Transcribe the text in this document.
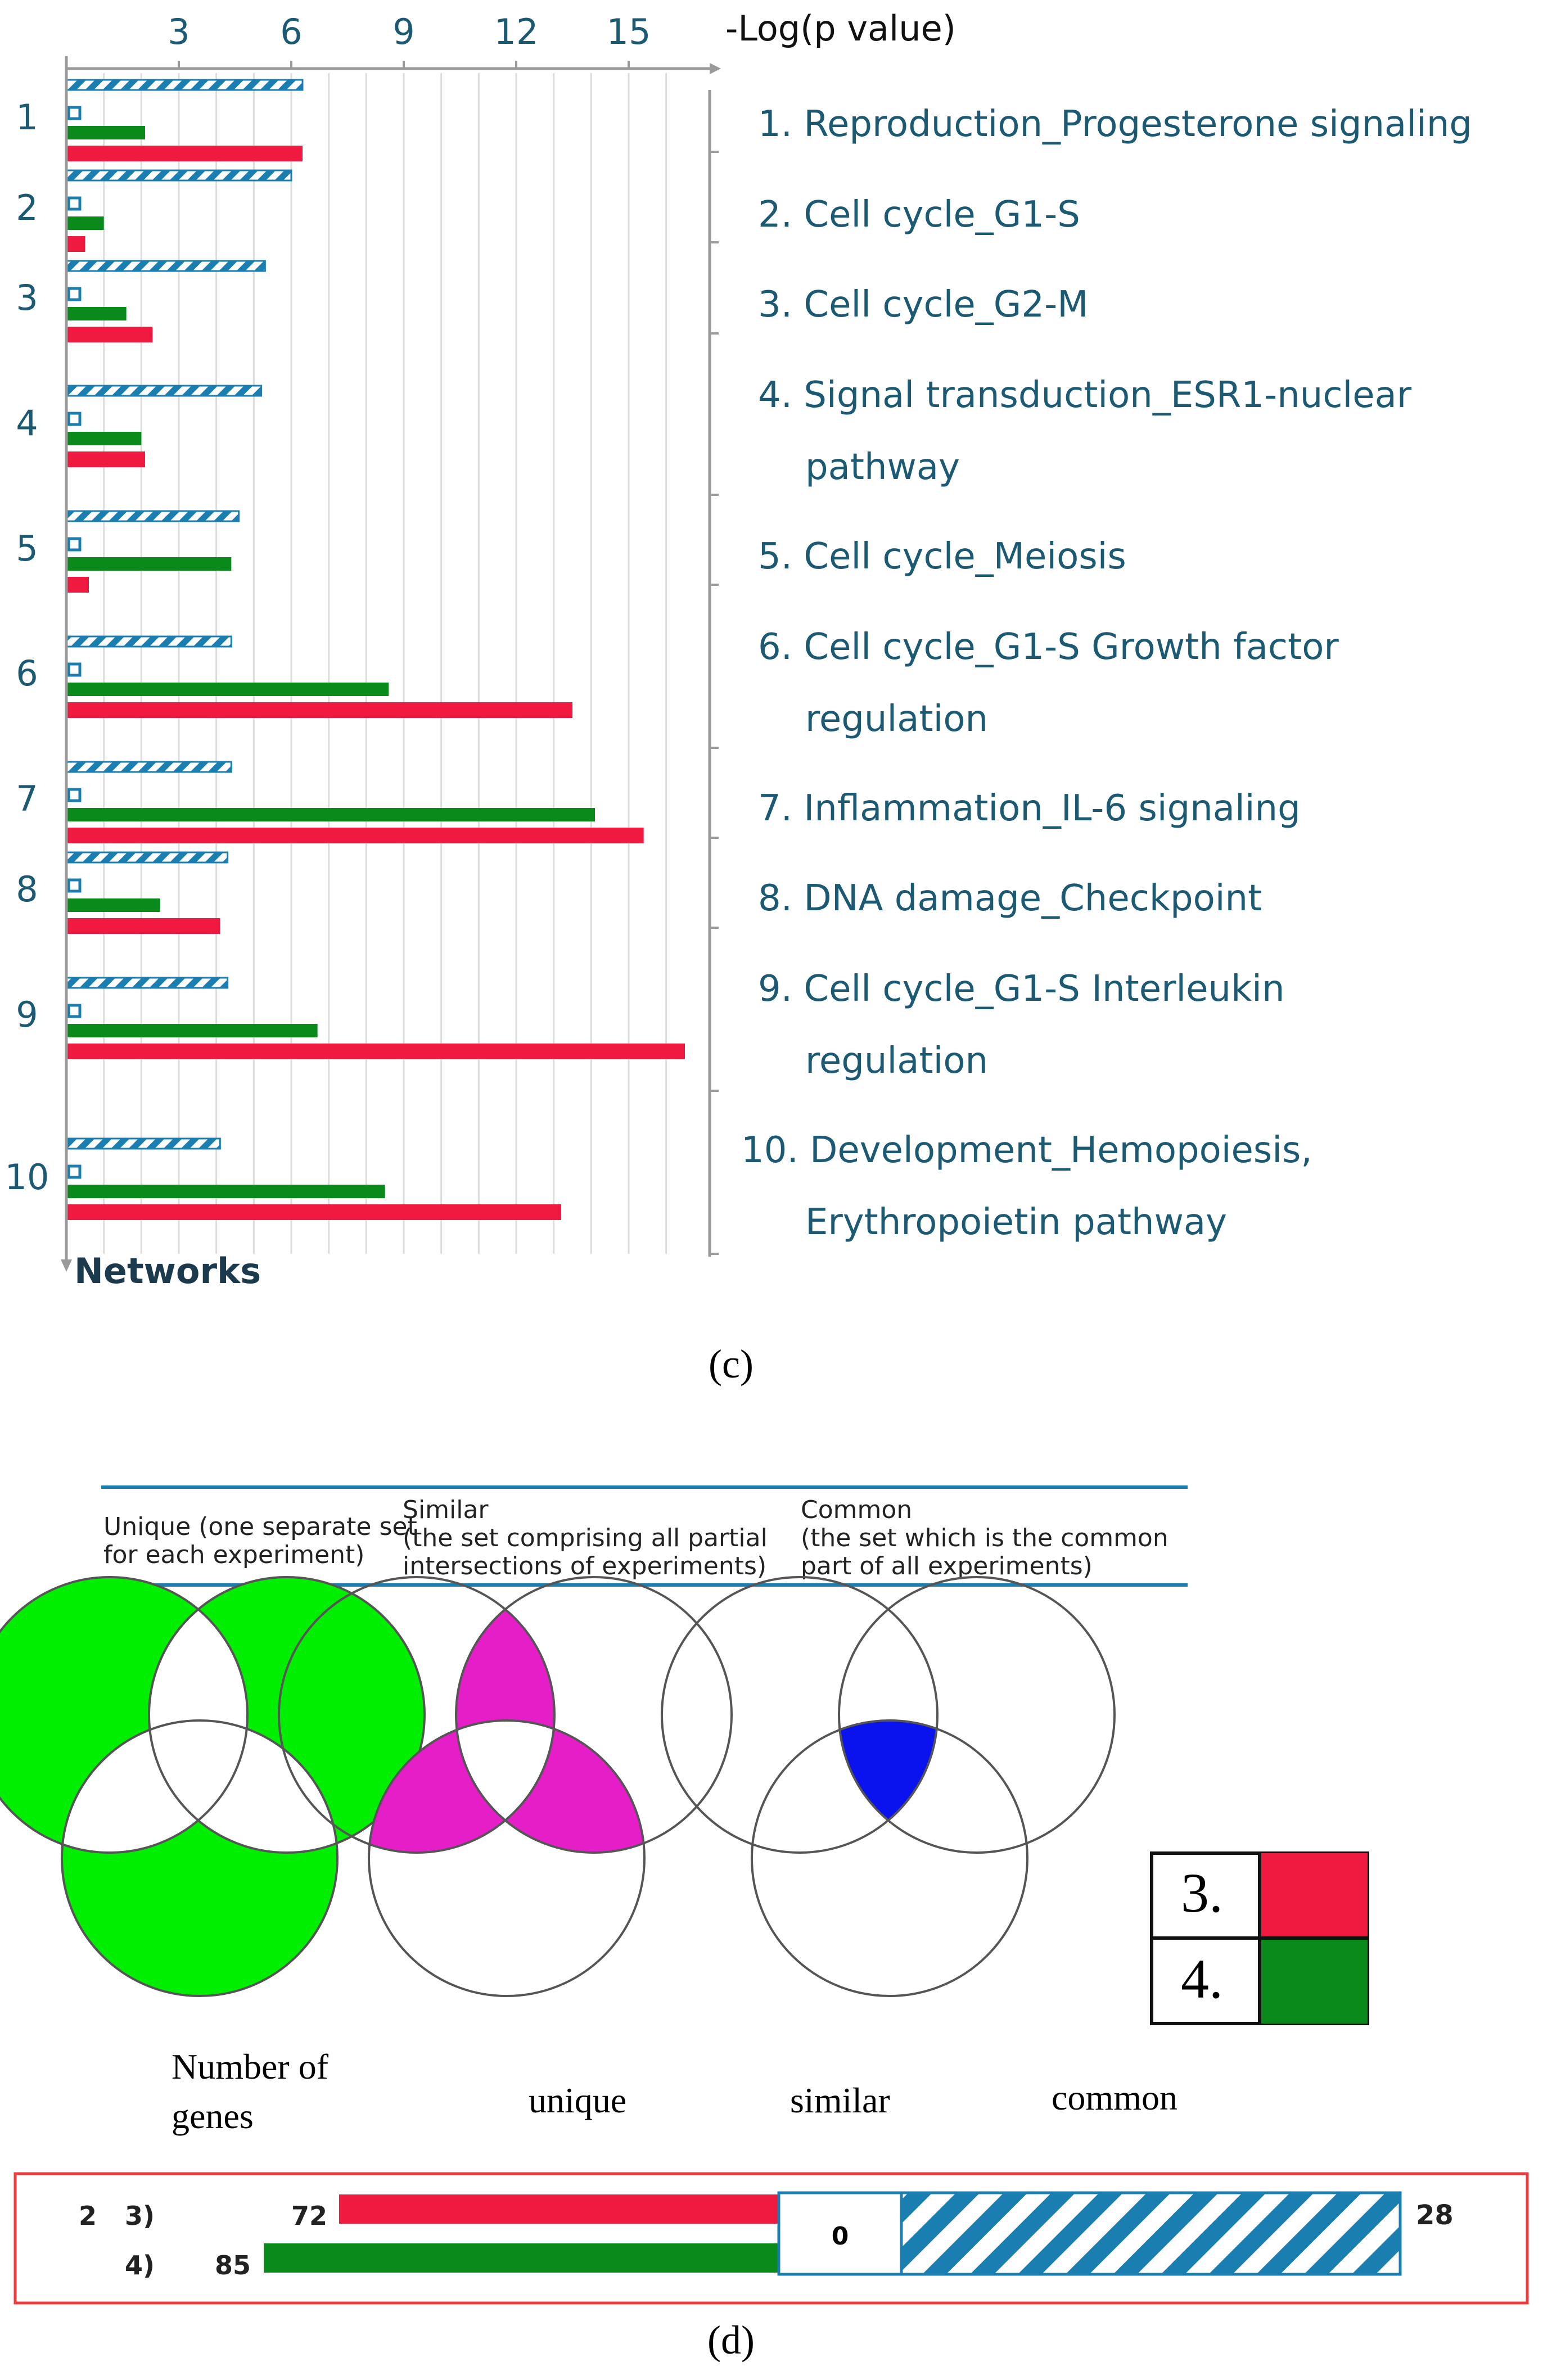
3	6	9 12 15 -Log(p value)
1
2
3
4
5
6
7
8
9
10
Networks
1. Reproduction_Progesterone signaling
2. Cell cycle_G1-S
3. Cell cycle_G2-M
4. Signal transduction_ESR1-nuclear
pathway
5. Cell cycle_Meiosis
6. Cell cycle_G1-S Growth factor
regulation
7. Inflammation_IL-6 signaling
8. DNA damage_Checkpoint
9. Cell cycle_G1-S Interleukin
regulation
10. Development_Hemopoiesis,
Erythropoietin pathway
(c)
Unique (one separate set
for each experiment)
Similar
(the set comprising all partial
intersections of experiments)
Common
(the set which is the common
part of all experiments)
3.
4.
Number of
genes	unique	similar	common
0
28
2 3)
4)
72
85
(d)
